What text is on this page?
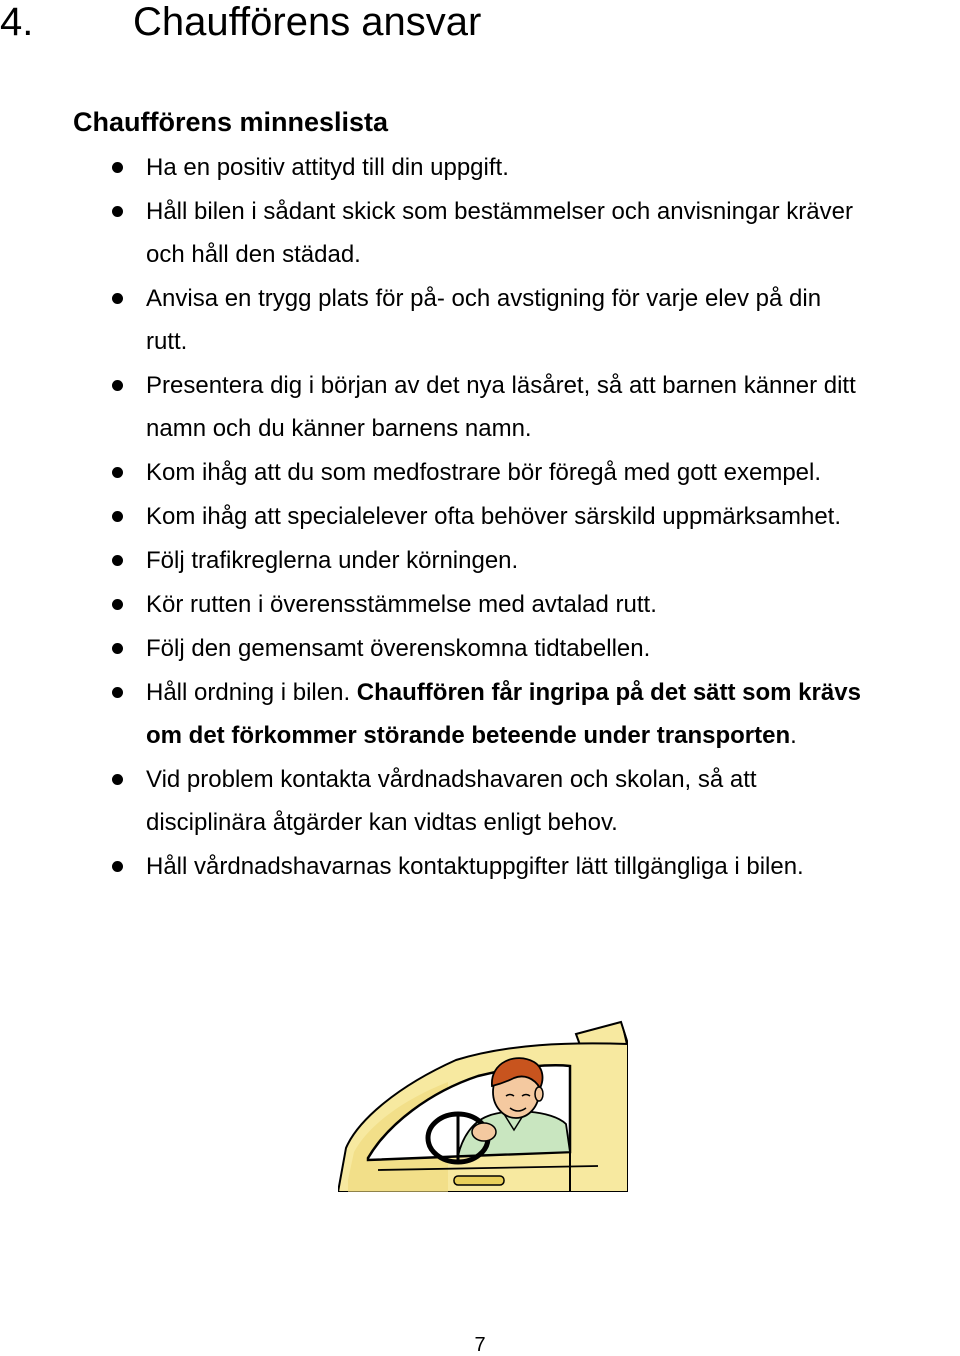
4. Chaufförens ansvar
Chaufförens minneslista
Ha en positiv attityd till din uppgift.
Håll bilen i sådant skick som bestämmelser och anvisningar kräver
och håll den städad.
Anvisa en trygg plats för på- och avstigning för varje elev på din
rutt.
Presentera dig i början av det nya läsåret, så att barnen känner ditt
namn och du känner barnens namn.
Kom ihåg att du som medfostrare bör föregå med gott exempel.
Kom ihåg att specialelever ofta behöver särskild uppmärksamhet.
Följ trafikreglerna under körningen.
Kör rutten i överensstämmelse med avtalad rutt.
Följ den gemensamt överenskomna tidtabellen.
Håll ordning i bilen. Chauffören får ingripa på det sätt som krävs
om det förkommer störande beteende under transporten.
Vid problem kontakta vårdnadshavaren och skolan, så att
disciplinära åtgärder kan vidtas enligt behov.
Håll vårdnadshavarnas kontaktuppgifter lätt tillgängliga i bilen.
7
